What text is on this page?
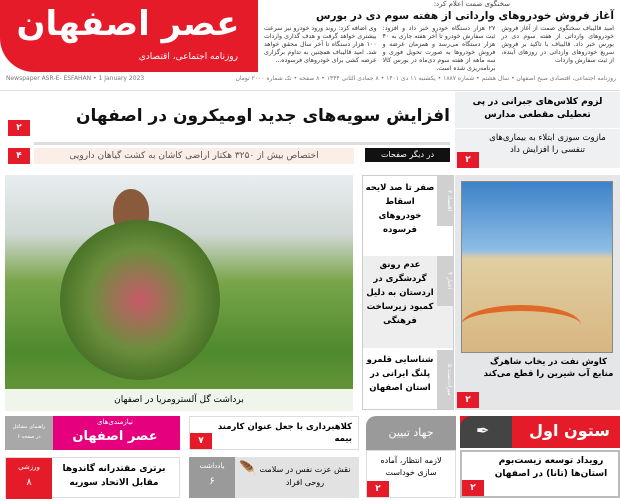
عصر اصفهان
روزنامه اجتماعی، اقتصادی
سخنگوی صمت اعلام کرد:
آغاز فروش خودروهای وارداتی از هفته سوم دی در بورس

امید قالیباف سخنگوی صمت از آغاز فروش خودروهای وارداتی از هفته سوم دی در بورس خبر داد. قالیباف با تاکید بر فروش سریع خودروهای وارداتی در روزهای آینده، از ثبت سفارش واردات

۲۷ هزار دستگاه خودرو خبر داد و افزود: ثبت سفارش خودرو تا آخر هفته جاری به ۴۰ هزار دستگاه می‌رسد و همزمان عرضه و فروش خودروها به صورت تحویل فوری و سه ماهه از هفته سوم دی‌ماه در بورس کالا برنامه‌ریزی شده است.

وی اضافه کرد: روند ورود خودرو نیز سرعت بیشتری خواهد گرفت و هدف گذاری واردات ۱۰۰ هزار دستگاه تا آخر سال محقق خواهد شد. امید قالیباف همچنین به تداوم برگزاری عرضه کشی برای خودروهای فرسوده...

Newspaper ASR-E- ESFAHAN • 1 January 2023	روزنامه اجتماعی، اقتصادی صبح اصفهان • سال هشتم • شماره ۱۸۸۷ • یکشنبه ۱۱ دی ۱۴۰۱ • ۸ جمادی الثانی ۱۴۴۴ • ۸ صفحه • تک شماره ۲۰۰۰ تومان
افزایش سویه‌های جدید اومیکرون در اصفهان
۲
۴	اختصاص بیش از ۳۲۵۰ هکتار اراضی کاشان به کشت گیاهان دارویی	در دیگر صفحات
لزوم کلاس‌های جبرانی در پی تعطیلی مقطعی مدارس
مازوت سوزی ابتلاء به بیماری‌های تنفسی را افزایش داد
۲
برداشت گل آلسترومریا در اصفهان
صفر تا صد لایحه اسقاط خودروهای فرسوده
اقتصاد ۳
عدم رونق گردشگری در اردستان به دلیل کمبود زیرساخت فرهنگی
اخبار ۴
شناسایی قلمرو پلنگ ایرانی در استان اصفهان	میراث‌ست ۵	کاوش نفت در یخاب شاهرگ منابع آب شیرین را قطع می‌کند
۲
✒ ستون اول
رویداد توسعه زیست‌بوم استان‌ها (تانا) در اصفهان
۲
جهاد تبیین
لازمه انتظار، آماده سازی خوداست
۲
کلاهبرداری با جعل عنوان کارمند بیمه
۷
یادداشت
۶
🪶 نقش عزت نفس در سلامت روحی افراد
راهنمای مشاغل
در صفحه ۶
نیازمندی‌های
عصر اصفهان
ورزشی
۸
برتری مقتدرانه گاندوها مقابل الاتحاد سوریه
